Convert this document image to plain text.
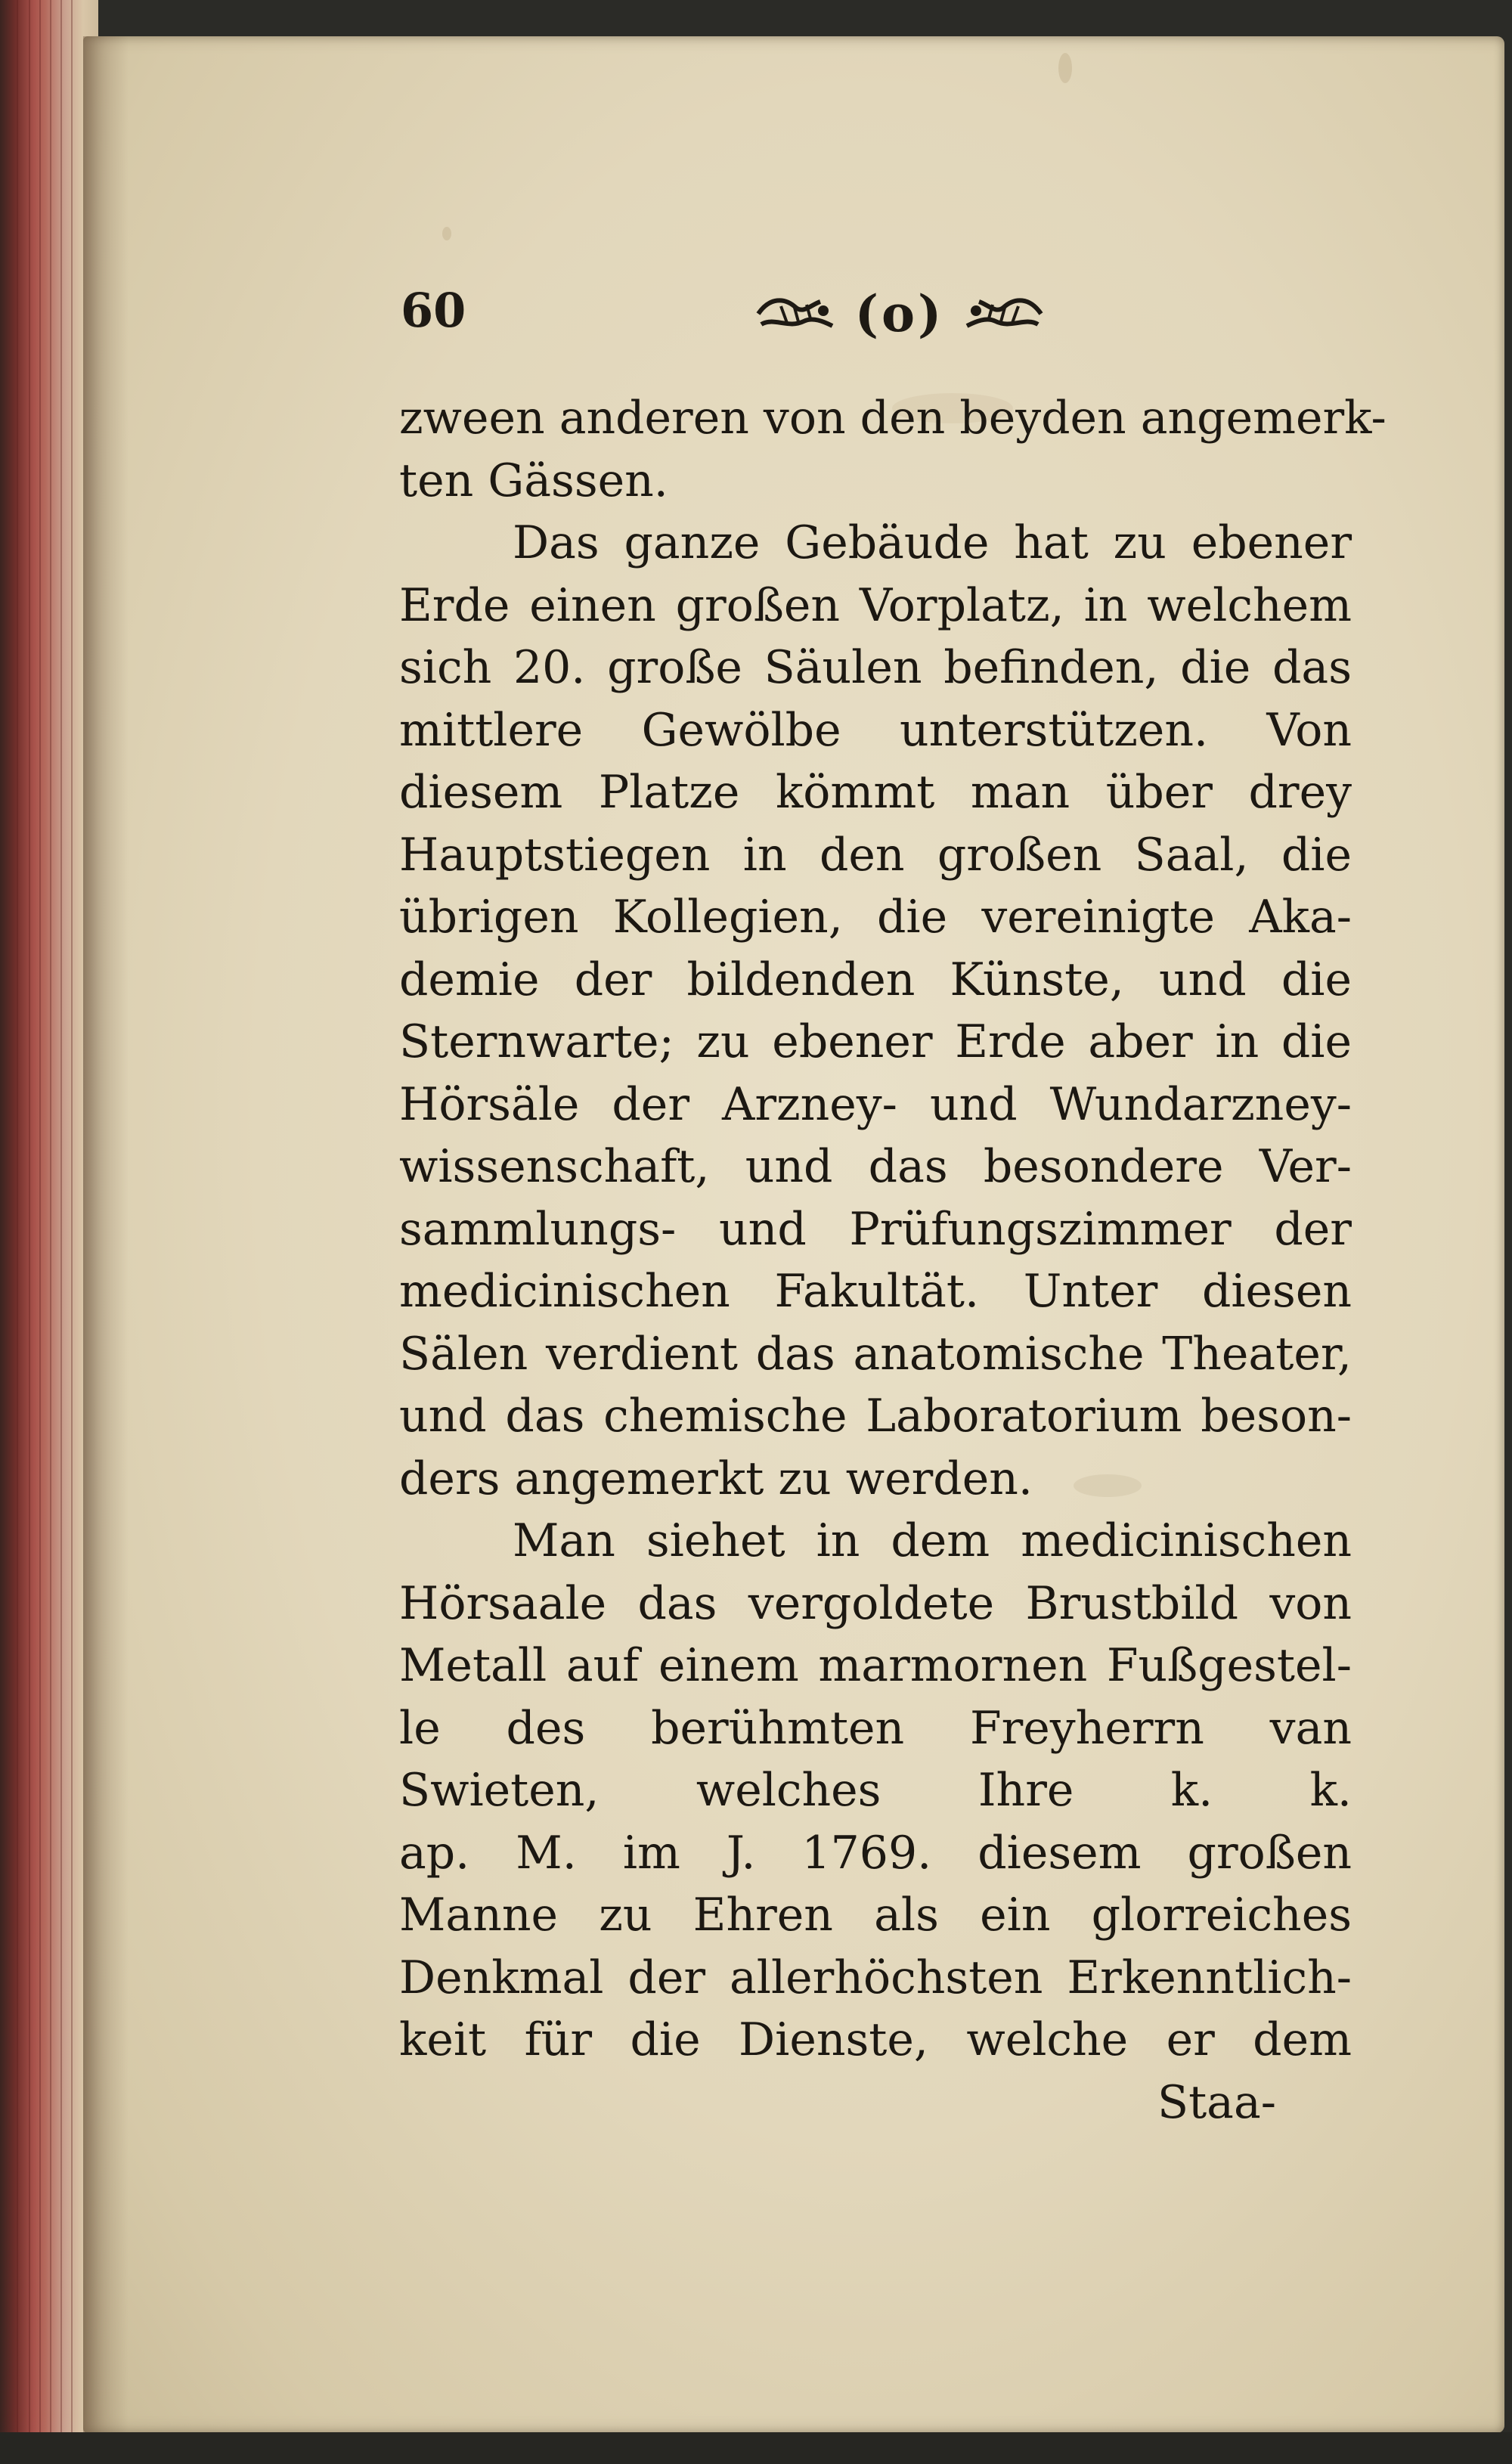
60	(o)
zween anderen von den beyden angemerk-
ten Gässen.
Das ganze Gebäude hat zu ebener
Erde einen großen Vorplatz, in welchem
sich 20. große Säulen befinden, die das
mittlere Gewölbe unterstützen. Von
diesem Platze kömmt man über drey
Hauptstiegen in den großen Saal, die
übrigen Kollegien, die vereinigte Aka-
demie der bildenden Künste, und die
Sternwarte; zu ebener Erde aber in die
Hörsäle der Arzney- und Wundarzney-
wissenschaft, und das besondere Ver-
sammlungs- und Prüfungszimmer der
medicinischen Fakultät. Unter diesen
Sälen verdient das anatomische Theater,
und das chemische Laboratorium beson-
ders angemerkt zu werden.
Man siehet in dem medicinischen
Hörsaale das vergoldete Brustbild von
Metall auf einem marmornen Fußgestel-
le des berühmten Freyherrn van
Swieten, welches Ihre k. k.
ap. M. im J. 1769. diesem großen
Manne zu Ehren als ein glorreiches
Denkmal der allerhöchsten Erkenntlich-
keit für die Dienste, welche er dem
Staa-
